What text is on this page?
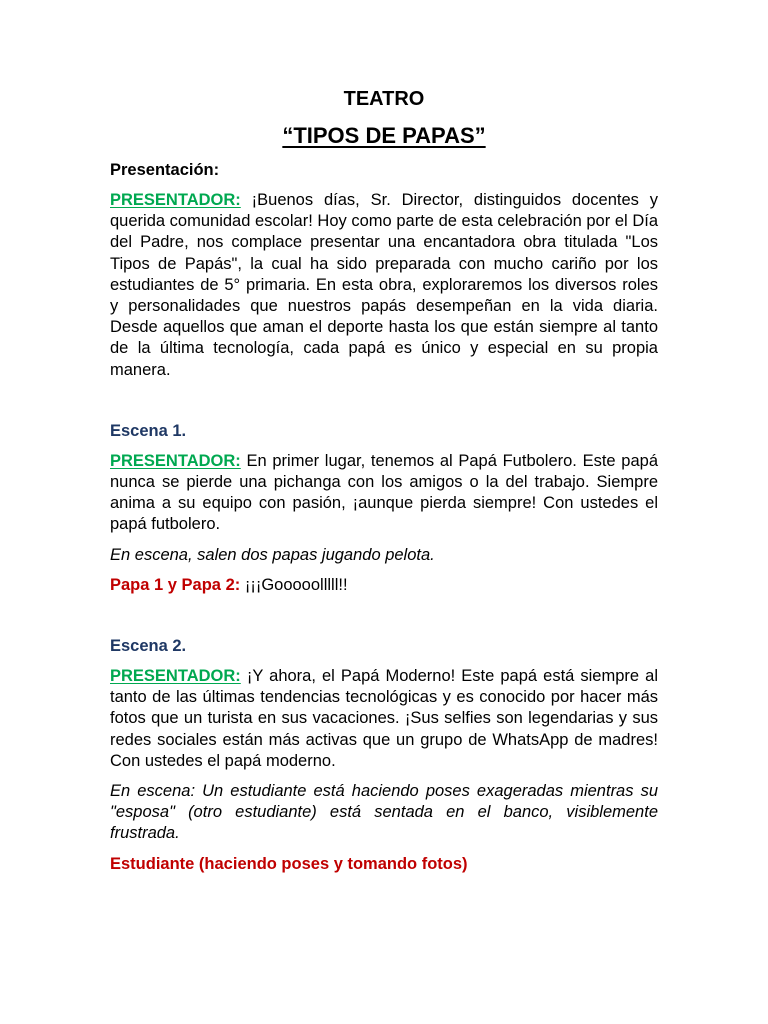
TEATRO
“TIPOS DE PAPAS”
Presentación:

PRESENTADOR: ¡Buenos días, Sr. Director, distinguidos docentes y querida comunidad escolar! Hoy como parte de esta celebración por el Día del Padre, nos complace presentar una encantadora obra titulada "Los Tipos de Papás", la cual ha sido preparada con mucho cariño por los estudiantes de 5° primaria. En esta obra, exploraremos los diversos roles y personalidades que nuestros papás desempeñan en la vida diaria. Desde aquellos que aman el deporte hasta los que están siempre al tanto de la última tecnología, cada papá es único y especial en su propia manera.

Escena 1.

PRESENTADOR: En primer lugar, tenemos al Papá Futbolero. Este papá nunca se pierde una pichanga con los amigos o la del trabajo. Siempre anima a su equipo con pasión, ¡aunque pierda siempre! Con ustedes el papá futbolero.

En escena, salen dos papas jugando pelota.

Papa 1 y Papa 2: ¡¡¡Gooooolllll!!

Escena 2.

PRESENTADOR: ¡Y ahora, el Papá Moderno! Este papá está siempre al tanto de las últimas tendencias tecnológicas y es conocido por hacer más fotos que un turista en sus vacaciones. ¡Sus selfies son legendarias y sus redes sociales están más activas que un grupo de WhatsApp de madres! Con ustedes el papá moderno.

En escena: Un estudiante está haciendo poses exageradas mientras su "esposa" (otro estudiante) está sentada en el banco, visiblemente frustrada.

Estudiante (haciendo poses y tomando fotos)
